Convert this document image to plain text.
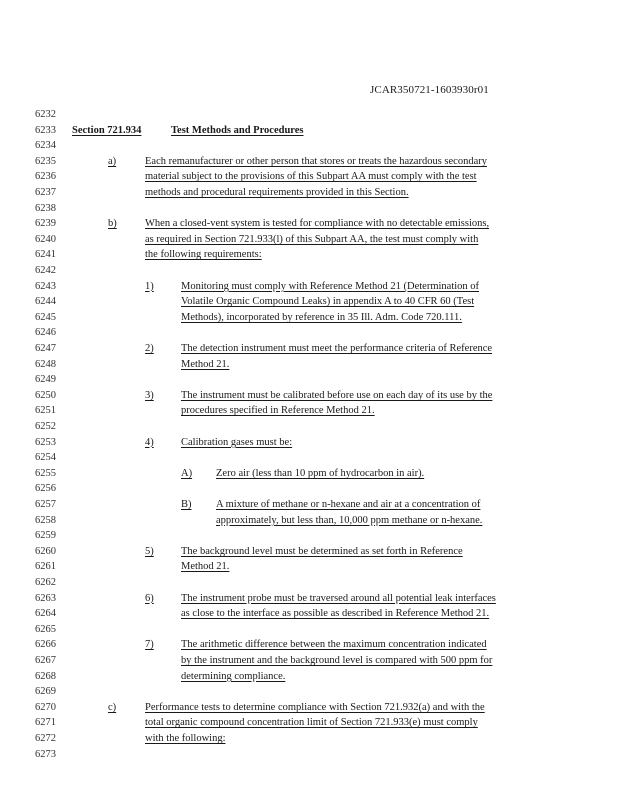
JCAR350721-1603930r01
6232
6233
6234
6235
6236
6237
6238
6239
6240
6241
6242
6243
6244
6245
6246
6247
6248
6249
6250
6251
6252
6253
6254
6255
6256
6257
6258
6259
6260
6261
6262
6263
6264
6265
6266
6267
6268
6269
6270
6271
6272
6273
Section 721.934	Test Methods and Procedures
a)	Each remanufacturer or other person that stores or treats the hazardous secondary
material subject to the provisions of this Subpart AA must comply with the test
methods and procedural requirements provided in this Section.
b)	When a closed-vent system is tested for compliance with no detectable emissions,
as required in Section 721.933(l) of this Subpart AA, the test must comply with
the following requirements:
1)	Monitoring must comply with Reference Method 21 (Determination of
Volatile Organic Compound Leaks) in appendix A to 40 CFR 60 (Test
Methods), incorporated by reference in 35 Ill. Adm. Code 720.111.
2)	The detection instrument must meet the performance criteria of Reference
Method 21.
3)	The instrument must be calibrated before use on each day of its use by the
procedures specified in Reference Method 21.
4)	Calibration gases must be:
A) Zero air (less than 10 ppm of hydrocarbon in air).
B) A mixture of methane or n-hexane and air at a concentration of
approximately, but less than, 10,000 ppm methane or n-hexane.
5)	The background level must be determined as set forth in Reference
Method 21.
6)	The instrument probe must be traversed around all potential leak interfaces
as close to the interface as possible as described in Reference Method 21.
7)	The arithmetic difference between the maximum concentration indicated
by the instrument and the background level is compared with 500 ppm for
determining compliance.
c)	Performance tests to determine compliance with Section 721.932(a) and with the
total organic compound concentration limit of Section 721.933(e) must comply
with the following:
